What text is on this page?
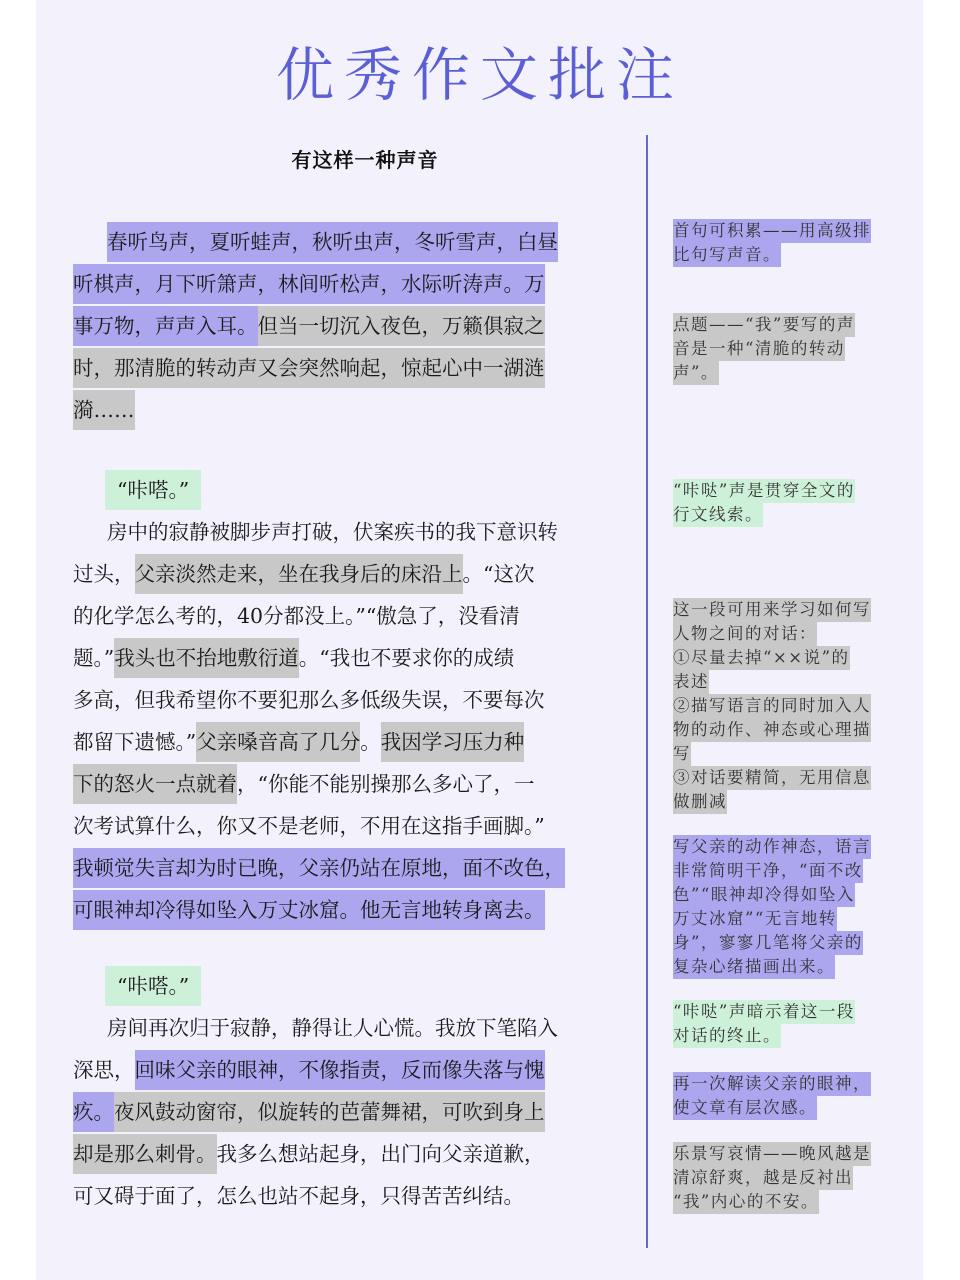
优秀作文批注
有这样一种声音
春听鸟声，夏听蛙声，秋听虫声，冬听雪声，白昼
听棋声，月下听箫声，林间听松声，水际听涛声。万
事万物，声声入耳。但当一切沉入夜色，万籁俱寂之
时，那清脆的转动声又会突然响起，惊起心中一湖涟
漪……
“咔嗒。”
房中的寂静被脚步声打破，伏案疾书的我下意识转
过头，父亲淡然走来，坐在我身后的床沿上。“这次
的化学怎么考的，40分都没上。”“傲急了，没看清
题。”我头也不抬地敷衍道。“我也不要求你的成绩
多高，但我希望你不要犯那么多低级失误，不要每次
都留下遗憾。”父亲嗓音高了几分。我因学习压力种
下的怒火一点就着，“你能不能别操那么多心了，一
次考试算什么，你又不是老师，不用在这指手画脚。”
我顿觉失言却为时已晚，父亲仍站在原地，面不改色，
可眼神却冷得如坠入万丈冰窟。他无言地转身离去。
“咔嗒。”
房间再次归于寂静，静得让人心慌。我放下笔陷入
深思，回味父亲的眼神，不像指责，反而像失落与愧
疚。夜风鼓动窗帘，似旋转的芭蕾舞裙，可吹到身上
却是那么刺骨。我多么想站起身，出门向父亲道歉，
可又碍于面了，怎么也站不起身，只得苦苦纠结。
首句可积累——用高级排
比句写声音。
点题——“我”要写的声
音是一种“清脆的转动
声”。
“咔哒”声是贯穿全文的
行文线索。
这一段可用来学习如何写
人物之间的对话：
①尽量去掉“××说”的
表述
②描写语言的同时加入人
物的动作、神态或心理描
写
③对话要精简，无用信息
做删减
写父亲的动作神态，语言
非常简明干净，“面不改
色”“眼神却冷得如坠入
万丈冰窟”“无言地转
身”，寥寥几笔将父亲的
复杂心绪描画出来。
“咔哒”声暗示着这一段
对话的终止。
再一次解读父亲的眼神，
使文章有层次感。
乐景写哀情——晚风越是
清凉舒爽，越是反衬出
“我”内心的不安。
